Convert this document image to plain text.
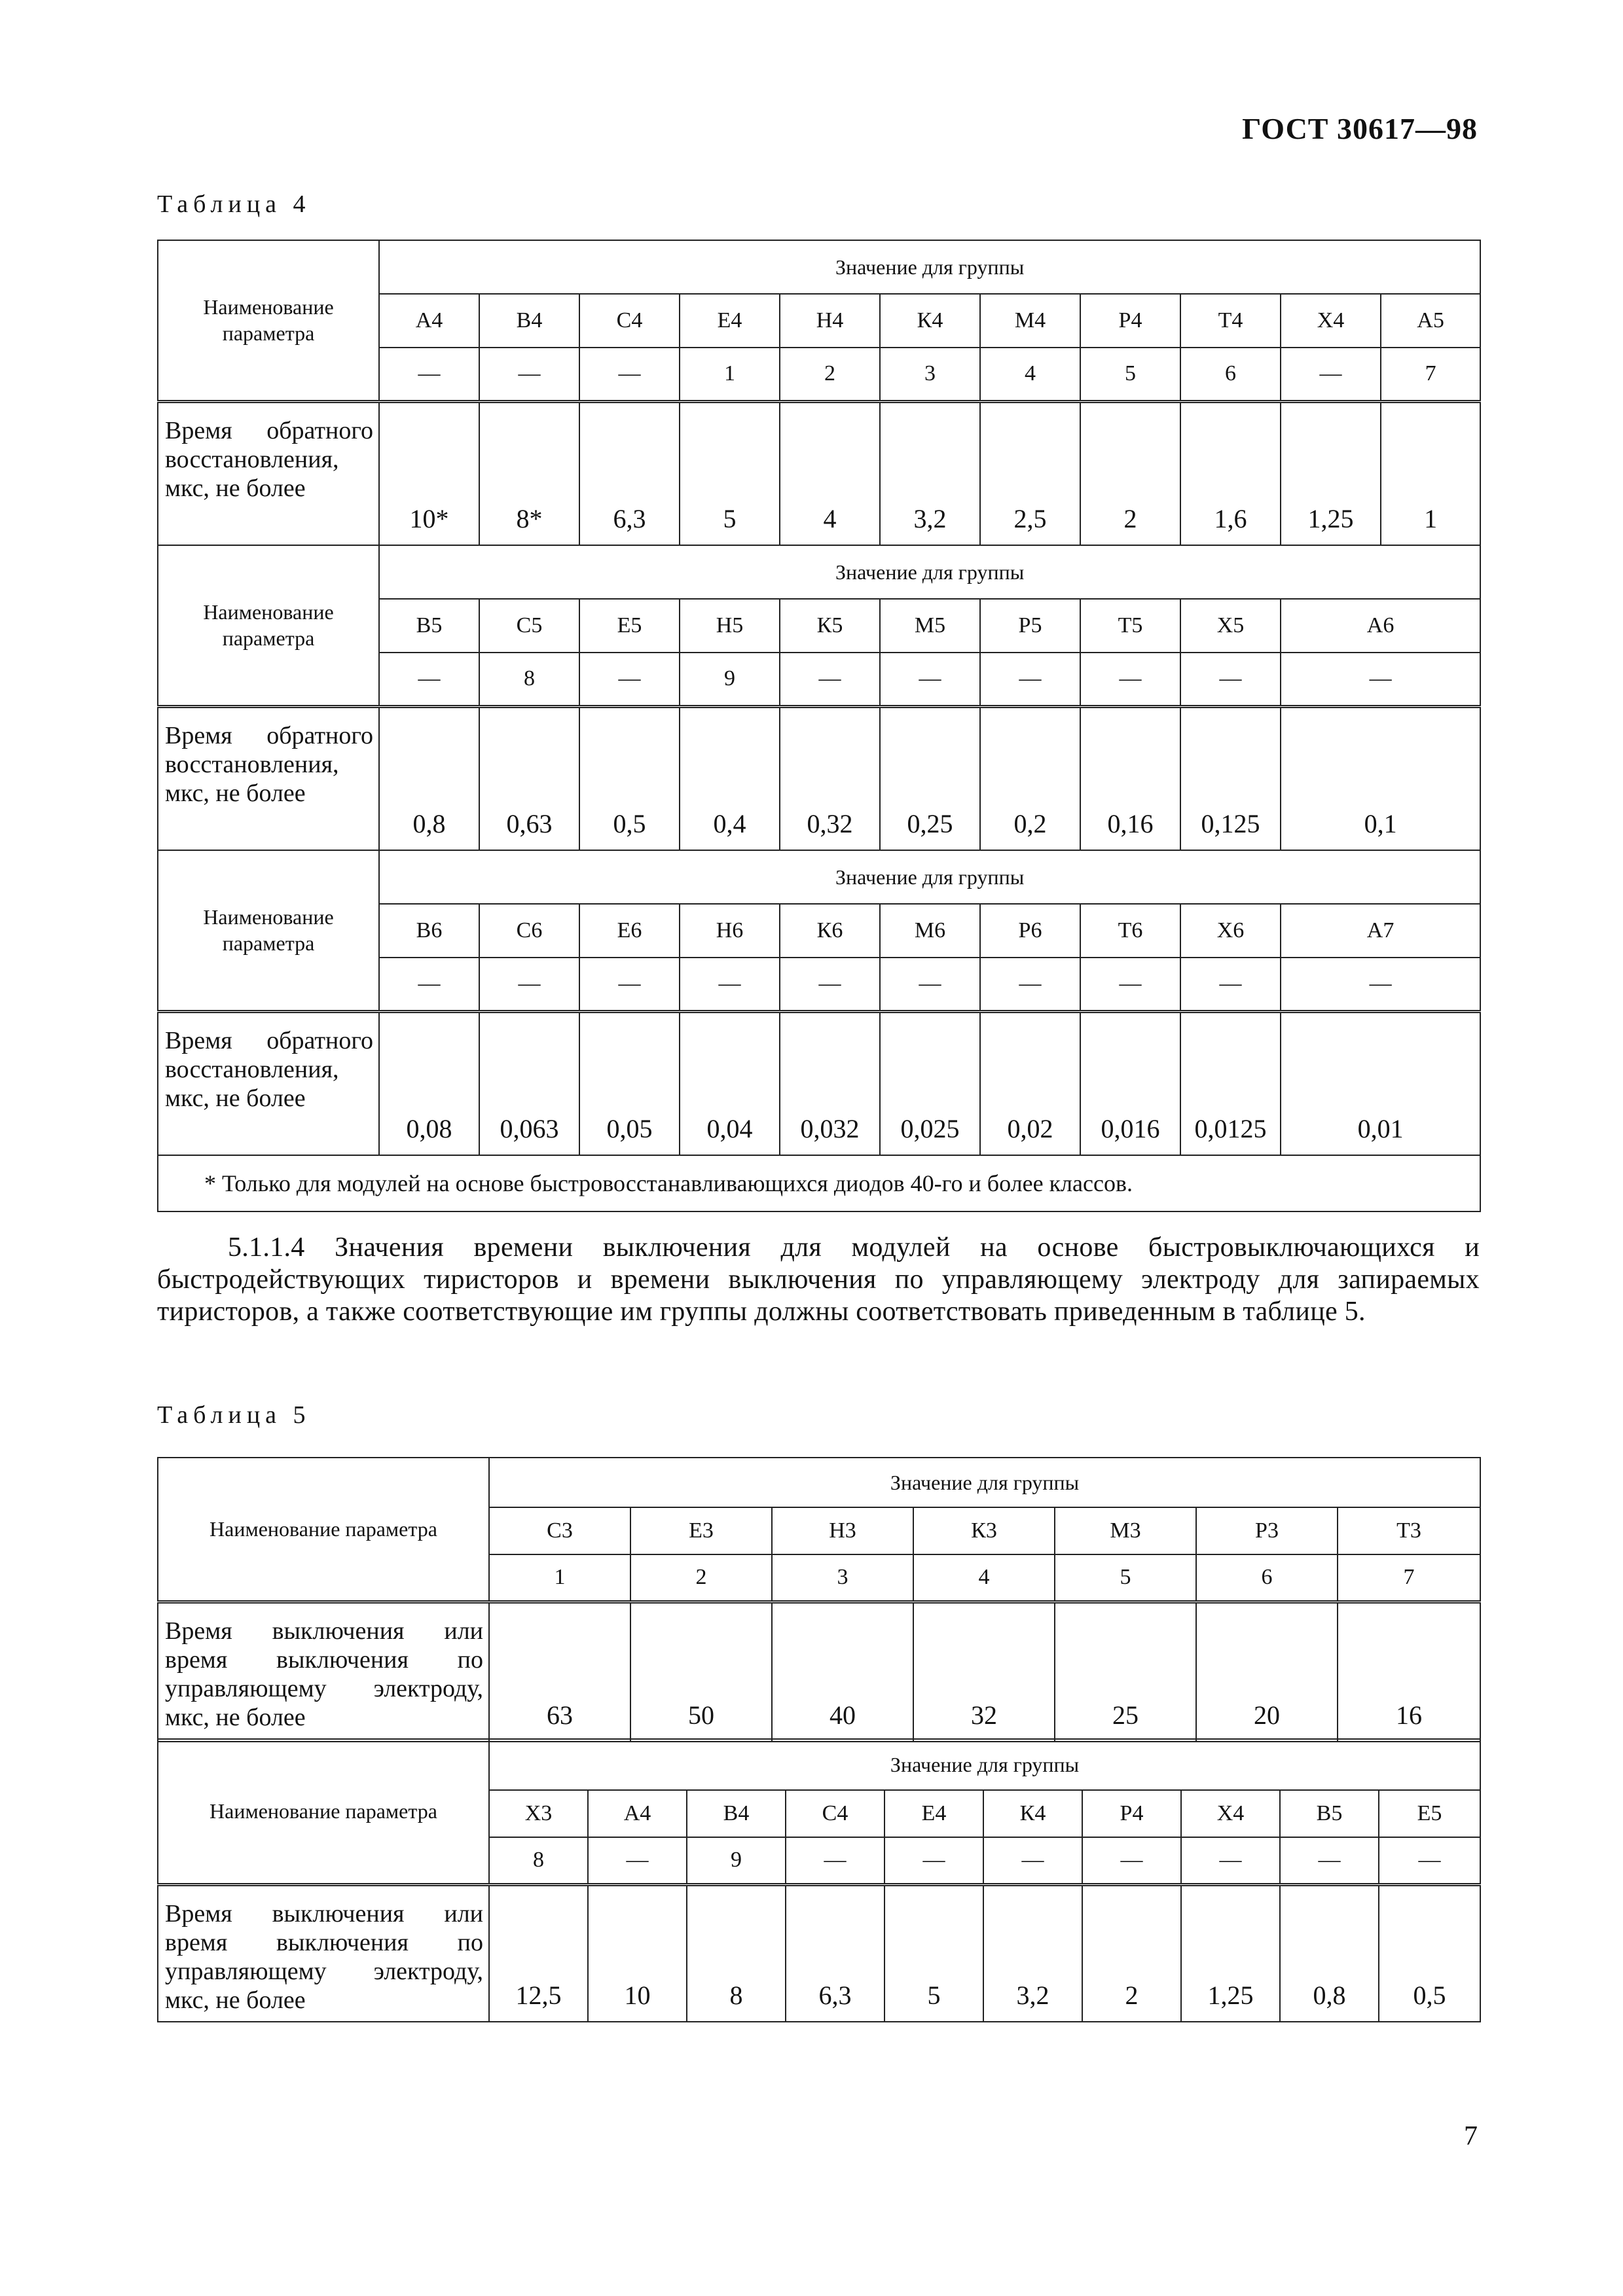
ГОСТ 30617—98
Таблица 4
Наименование
параметра	Значение для группы										
	А4	В4	С4	Е4	Н4	К4	М4	Р4	Т4	Х4	А5
	—	—	—	1	2	3	4	5	6	—	7
Время обратного восстановления, мкс, не более	10*	8*	6,3	5	4	3,2	2,5	2	1,6	1,25	1

Наименование
параметра	Значение для группы										
	В5	С5	Е5	Н5	К5	М5	Р5	Т5	Х5	А6	
	—	8	—	9	—	—	—	—	—	—	
Время обратного восстановления, мкс, не более	0,8	0,63	0,5	0,4	0,32	0,25	0,2	0,16	0,125	0,1	

Наименование
параметра	Значение для группы										
	В6	С6	Е6	Н6	К6	М6	Р6	Т6	Х6	А7	
	—	—	—	—	—	—	—	—	—	—	
Время обратного восстановления, мкс, не более	0,08	0,063	0,05	0,04	0,032	0,025	0,02	0,016	0,0125	0,01	
* Только для модулей на основе быстровосстанавливающихся диодов 40-го и более классов.											
5.1.1.4 Значения времени выключения для модулей на основе быстровыключающихся и быстродействующих тиристоров и времени выключения по управляющему электроду для запираемых тиристоров, а также соответствующие им группы должны соответствовать приведенным в таблице 5.
Таблица 5
Наименование параметра	Значение для группы						
	С3	Е3	Н3	К3	М3	Р3	Т3
	1	2	3	4	5	6	7
Время выключения или время выключения по управляющему электроду, мкс, не более	63	50	40	32	25	20	16
Наименование параметра	Значение для группы									
	Х3	А4	В4	С4	Е4	К4	Р4	Х4	В5	Е5
	8	—	9	—	—	—	—	—	—	—
Время выключения или время выключения по управляющему электроду, мкс, не более	12,5	10	8	6,3	5	3,2	2	1,25	0,8	0,5
7
